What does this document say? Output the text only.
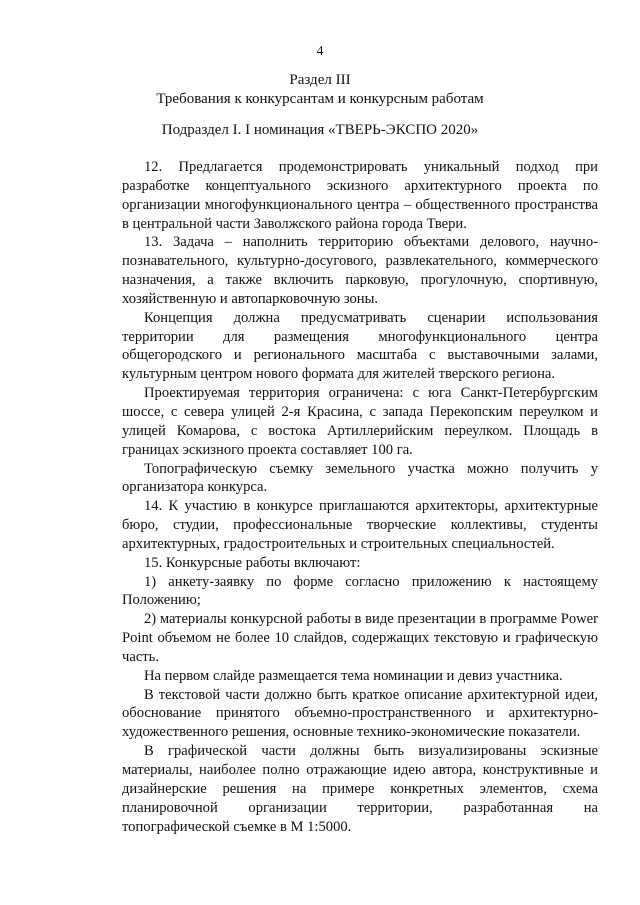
4

Раздел III

Требования к конкурсантам и конкурсным работам

Подраздел I. I номинация «ТВЕРЬ-ЭКСПО 2020»

12. Предлагается продемонстрировать уникальный подход при разработке концептуального эскизного архитектурного проекта по организации многофункционального центра – общественного пространства в центральной части Заволжского района города Твери.

13. Задача – наполнить территорию объектами делового, научно-познавательного, культурно-досугового, развлекательного, коммерческого назначения, а также включить парковую, прогулочную, спортивную, хозяйственную и автопарковочную зоны.

Концепция должна предусматривать сценарии использования территории для размещения многофункционального центра общегородского и регионального масштаба с выставочными залами, культурным центром нового формата для жителей тверского региона.

Проектируемая территория ограничена: с юга Санкт-Петербургским шоссе, с севера улицей 2-я Красина, с запада Перекопским переулком и улицей Комарова, с востока Артиллерийским переулком. Площадь в границах эскизного проекта составляет 100 га.

Топографическую съемку земельного участка можно получить у организатора конкурса.

14. К участию в конкурсе приглашаются архитекторы, архитектурные бюро, студии, профессиональные творческие коллективы, студенты архитектурных, градостроительных и строительных специальностей.

15. Конкурсные работы включают:

1) анкету-заявку по форме согласно приложению к настоящему Положению;

2) материалы конкурсной работы в виде презентации в программе Power Point объемом не более 10 слайдов, содержащих текстовую и графическую часть.

На первом слайде размещается тема номинации и девиз участника.

В текстовой части должно быть краткое описание архитектурной идеи, обоснование принятого объемно-пространственного и архитектурно-художественного решения, основные технико-экономические показатели.

В графической части должны быть визуализированы эскизные материалы, наиболее полно отражающие идею автора, конструктивные и дизайнерские решения на примере конкретных элементов, схема планировочной организации территории, разработанная на топографической съемке в М 1:5000.
